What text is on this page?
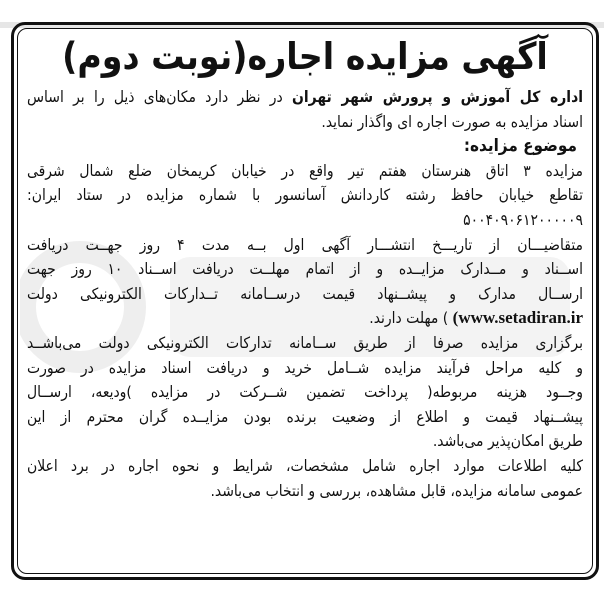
آگهی مزایده اجاره(نوبت دوم)
اداره کل آموزش و پرورش شهر تهران در نظر دارد مکان‌های ذیل را بر اساس
اسناد مزایده به صورت اجاره ای واگذار نماید.
موضوع مزایده:
مزایده ۳ اتاق هنرستان هفتم تیر واقع در خیابان کریمخان ضلع شمال شرقی
تقاطع خیابان حافظ رشته کاردانش آسانسور با شماره مزایده در ستاد ایران:
۵۰۰۴۰۹۰۶۱۲۰۰۰۰۰۹
متقاضیـــان از تاریـــخ انتشـــار آگهی اول بــه مدت ۴ روز جهــت دریافت
اســناد و مــدارک مزایــده و از اتمام مهلــت دریافت اســناد ۱۰ روز جهت
ارســال مدارک و پیشــنهاد قیمت درســامانه تــدارکات الکترونیکی دولت
(www.setadiran.ir ) مهلت دارند.
برگزاری مزایده صرفا از طریق ســامانه تدارکات الکترونیکی دولت می‌باشــد
و کلیه مراحل فرآیند مزایده شــامل خرید و دریافت اسناد مزایده در صورت
وجــود هزینه مربوطه( پرداخت تضمین شــرکت در مزایده )ودیعه، ارســال
پیشــنهاد قیمت و اطلاع از وضعیت برنده بودن مزایــده گران محترم از این
طریق امکان‌پذیر می‌باشد.
کلیه اطلاعات موارد اجاره شامل مشخصات، شرایط و نحوه اجاره در برد اعلان
عمومی سامانه مزایده، قابل مشاهده، بررسی و انتخاب می‌باشد.
